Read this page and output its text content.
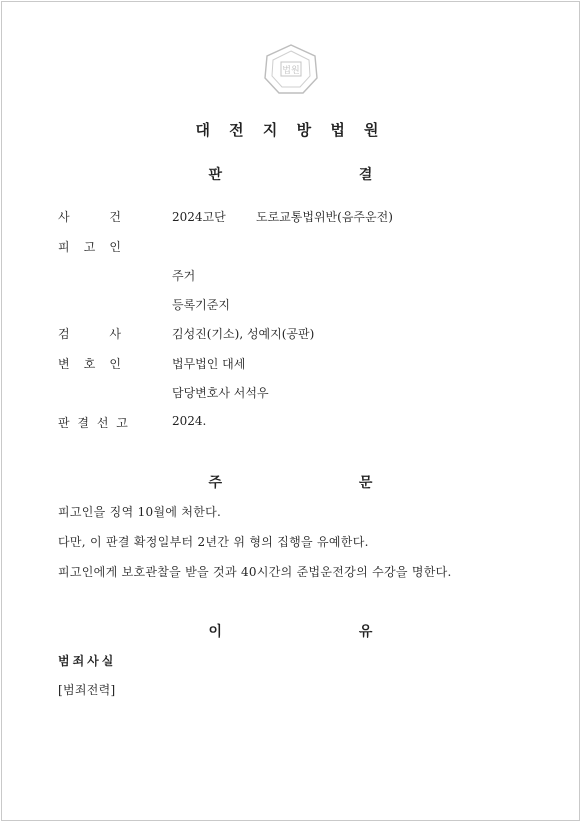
법원
대 전 지 방 법 원
판 결
사	건	2024고단	도로교통법위반(음주운전)
피 고 인
주거
등록기준지
검	사	김성진(기소), 성예지(공판)
변 호 인	법무법인 대세
담당변호사 서석우
판 결 선 고	2024.
주 문
피고인을 징역 10월에 처한다.
다만, 이 판결 확정일부터 2년간 위 형의 집행을 유예한다.
피고인에게 보호관찰을 받을 것과 40시간의 준법운전강의 수강을 명한다.
이 유
범죄사실
[범죄전력]
